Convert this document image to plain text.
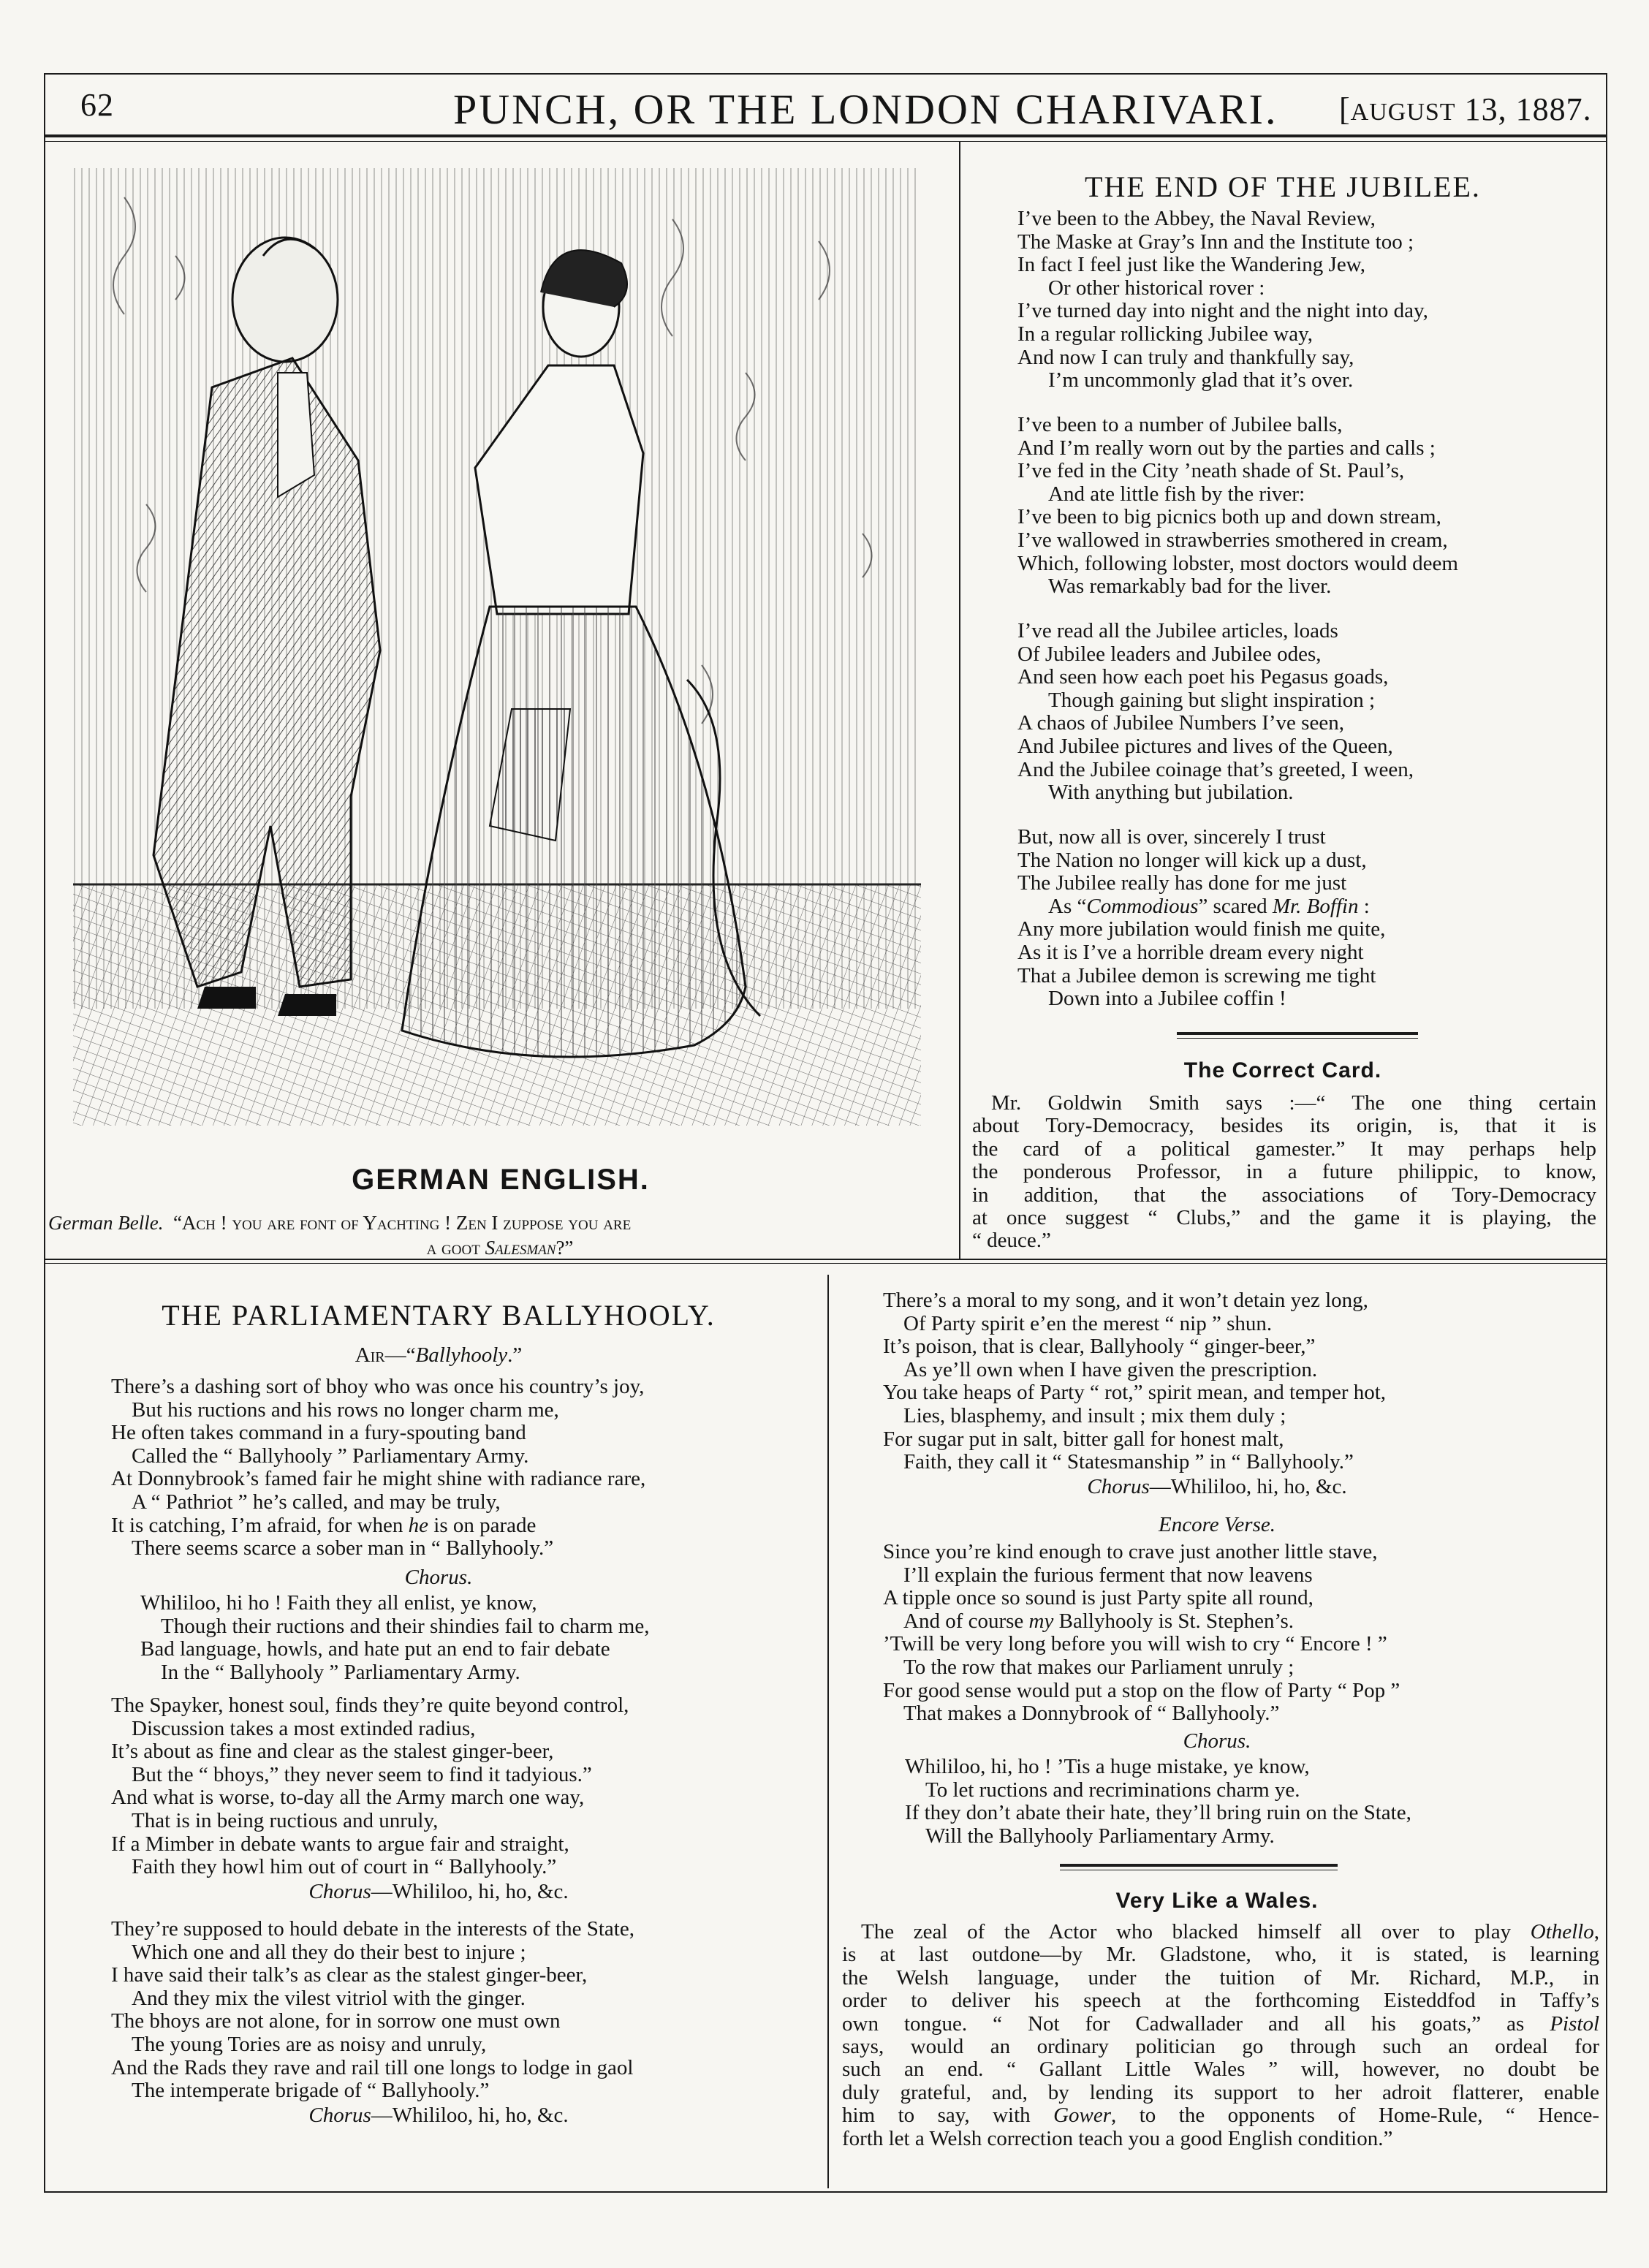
62	PUNCH, OR THE LONDON CHARIVARI. [AUGUST 13, 1887.
GERMAN ENGLISH.
German Belle. “Ach ! you are font of Yachting ! Zen I zuppose you are
a goot Salesman?”
THE END OF THE JUBILEE.
I’ve been to the Abbey, the Naval Review,
The Maske at Gray’s Inn and the Institute too ;
In fact I feel just like the Wandering Jew,
Or other historical rover :
I’ve turned day into night and the night into day,
In a regular rollicking Jubilee way,
And now I can truly and thankfully say,
I’m uncommonly glad that it’s over.
I’ve been to a number of Jubilee balls,
And I’m really worn out by the parties and calls ;
I’ve fed in the City ’neath shade of St. Paul’s,
And ate little fish by the river:
I’ve been to big picnics both up and down stream,
I’ve wallowed in strawberries smothered in cream,
Which, following lobster, most doctors would deem
Was remarkably bad for the liver.
I’ve read all the Jubilee articles, loads
Of Jubilee leaders and Jubilee odes,
And seen how each poet his Pegasus goads,
Though gaining but slight inspiration ;
A chaos of Jubilee Numbers I’ve seen,
And Jubilee pictures and lives of the Queen,
And the Jubilee coinage that’s greeted, I ween,
With anything but jubilation.
But, now all is over, sincerely I trust
The Nation no longer will kick up a dust,
The Jubilee really has done for me just
As “Commodious” scared Mr. Boffin :
Any more jubilation would finish me quite,
As it is I’ve a horrible dream every night
That a Jubilee demon is screwing me tight
Down into a Jubilee coffin !
The Correct Card.
Mr. Goldwin Smith says :—“ The one thing certain
about Tory-Democracy, besides its origin, is, that it is
the card of a political gamester.” It may perhaps help
the ponderous Professor, in a future philippic, to know,
in addition, that the associations of Tory-Democracy
at once suggest “ Clubs,” and the game it is playing, the
“ deuce.”
THE PARLIAMENTARY BALLYHOOLY.
Air—“Ballyhooly.”
There’s a dashing sort of bhoy who was once his country’s joy,
But his ructions and his rows no longer charm me,
He often takes command in a fury-spouting band
Called the “ Ballyhooly ” Parliamentary Army.
At Donnybrook’s famed fair he might shine with radiance rare,
A “ Pathriot ” he’s called, and may be truly,
It is catching, I’m afraid, for when he is on parade
There seems scarce a sober man in “ Ballyhooly.”
Chorus.
Whililoo, hi ho ! Faith they all enlist, ye know,
Though their ructions and their shindies fail to charm me,
Bad language, howls, and hate put an end to fair debate
In the “ Ballyhooly ” Parliamentary Army.
The Spayker, honest soul, finds they’re quite beyond control,
Discussion takes a most extinded radius,
It’s about as fine and clear as the stalest ginger-beer,
But the “ bhoys,” they never seem to find it tadyious.”
And what is worse, to-day all the Army march one way,
That is in being ructious and unruly,
If a Mimber in debate wants to argue fair and straight,
Faith they howl him out of court in “ Ballyhooly.”
Chorus—Whililoo, hi, ho, &c.
They’re supposed to hould debate in the interests of the State,
Which one and all they do their best to injure ;
I have said their talk’s as clear as the stalest ginger-beer,
And they mix the vilest vitriol with the ginger.
The bhoys are not alone, for in sorrow one must own
The young Tories are as noisy and unruly,
And the Rads they rave and rail till one longs to lodge in gaol
The intemperate brigade of “ Ballyhooly.”
Chorus—Whililoo, hi, ho, &c.
There’s a moral to my song, and it won’t detain yez long,
Of Party spirit e’en the merest “ nip ” shun.
It’s poison, that is clear, Ballyhooly “ ginger-beer,”
As ye’ll own when I have given the prescription.
You take heaps of Party “ rot,” spirit mean, and temper hot,
Lies, blasphemy, and insult ; mix them duly ;
For sugar put in salt, bitter gall for honest malt,
Faith, they call it “ Statesmanship ” in “ Ballyhooly.”
Chorus—Whililoo, hi, ho, &c.
Encore Verse.
Since you’re kind enough to crave just another little stave,
I’ll explain the furious ferment that now leavens
A tipple once so sound is just Party spite all round,
And of course my Ballyhooly is St. Stephen’s.
’Twill be very long before you will wish to cry “ Encore ! ”
To the row that makes our Parliament unruly ;
For good sense would put a stop on the flow of Party “ Pop ”
That makes a Donnybrook of “ Ballyhooly.”
Chorus.
Whililoo, hi, ho ! ’Tis a huge mistake, ye know,
To let ructions and recriminations charm ye.
If they don’t abate their hate, they’ll bring ruin on the State,
Will the Ballyhooly Parliamentary Army.
Very Like a Wales.
The zeal of the Actor who blacked himself all over to play Othello,
is at last outdone—by Mr. Gladstone, who, it is stated, is learning
the Welsh language, under the tuition of Mr. Richard, M.P., in
order to deliver his speech at the forthcoming Eisteddfod in Taffy’s
own tongue. “ Not for Cadwallader and all his goats,” as Pistol
says, would an ordinary politician go through such an ordeal for
such an end. “ Gallant Little Wales ” will, however, no doubt be
duly grateful, and, by lending its support to her adroit flatterer, enable
him to say, with Gower, to the opponents of Home-Rule, “ Hence-
forth let a Welsh correction teach you a good English condition.”
